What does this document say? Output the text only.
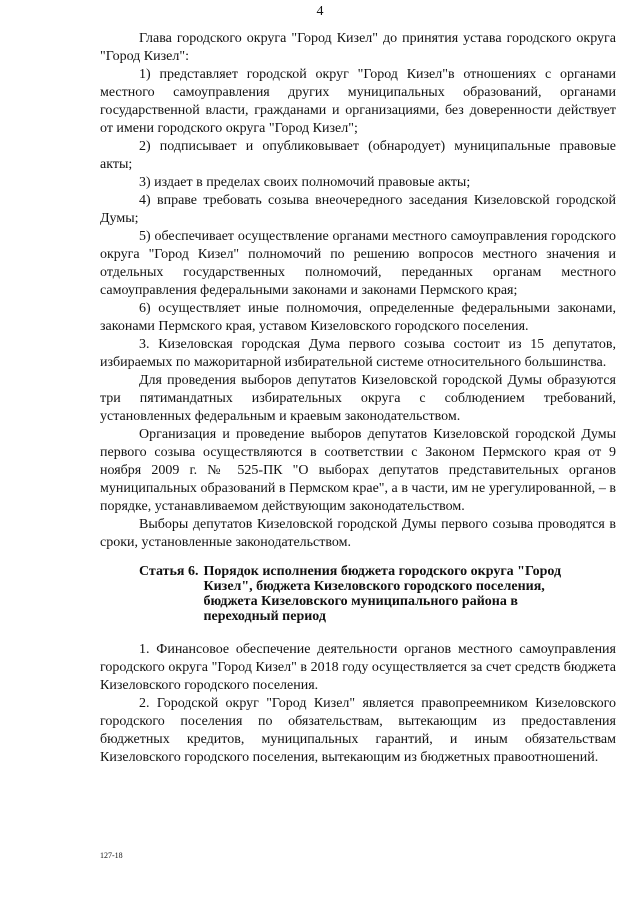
4

Глава городского округа "Город Кизел" до принятия устава городского округа "Город Кизел":

1) представляет городской округ "Город Кизел"в отношениях с органами местного самоуправления других муниципальных образований, органами государственной власти, гражданами и организациями, без доверенности действует от имени городского округа "Город Кизел";

2) подписывает и опубликовывает (обнародует) муниципальные правовые акты;

3) издает в пределах своих полномочий правовые акты;

4) вправе требовать созыва внеочередного заседания Кизеловской городской Думы;

5) обеспечивает осуществление органами местного самоуправления городского округа "Город Кизел" полномочий по решению вопросов местного значения и отдельных государственных полномочий, переданных органам местного самоуправления федеральными законами и законами Пермского края;

6) осуществляет иные полномочия, определенные федеральными законами, законами Пермского края, уставом Кизеловского городского поселения.

3. Кизеловская городская Дума первого созыва состоит из 15 депутатов, избираемых по мажоритарной избирательной системе относительного большинства.

Для проведения выборов депутатов Кизеловской городской Думы образуются три пятимандатных избирательных округа с соблюдением требований, установленных федеральным и краевым законодательством.

Организация и проведение выборов депутатов Кизеловской городской Думы первого созыва осуществляются в соответствии с Законом Пермского края от 9 ноября 2009 г. № 525-ПК "О выборах депутатов представительных органов муниципальных образований в Пермском крае", а в части, им не урегулированной, – в порядке, устанавливаемом действующим законодательством.

Выборы депутатов Кизеловской городской Думы первого созыва проводятся в сроки, установленные законодательством.

Статья 6. Порядок исполнения бюджета городского округа "Город Кизел", бюджета Кизеловского городского поселения, бюджета Кизеловского муниципального района в переходный период

1. Финансовое обеспечение деятельности органов местного самоуправления городского округа "Город Кизел" в 2018 году осуществляется за счет средств бюджета Кизеловского городского поселения.

2. Городской округ "Город Кизел" является правопреемником Кизеловского городского поселения по обязательствам, вытекающим из предоставления бюджетных кредитов, муниципальных гарантий, и иным обязательствам Кизеловского городского поселения, вытекающим из бюджетных правоотношений.

127-18
